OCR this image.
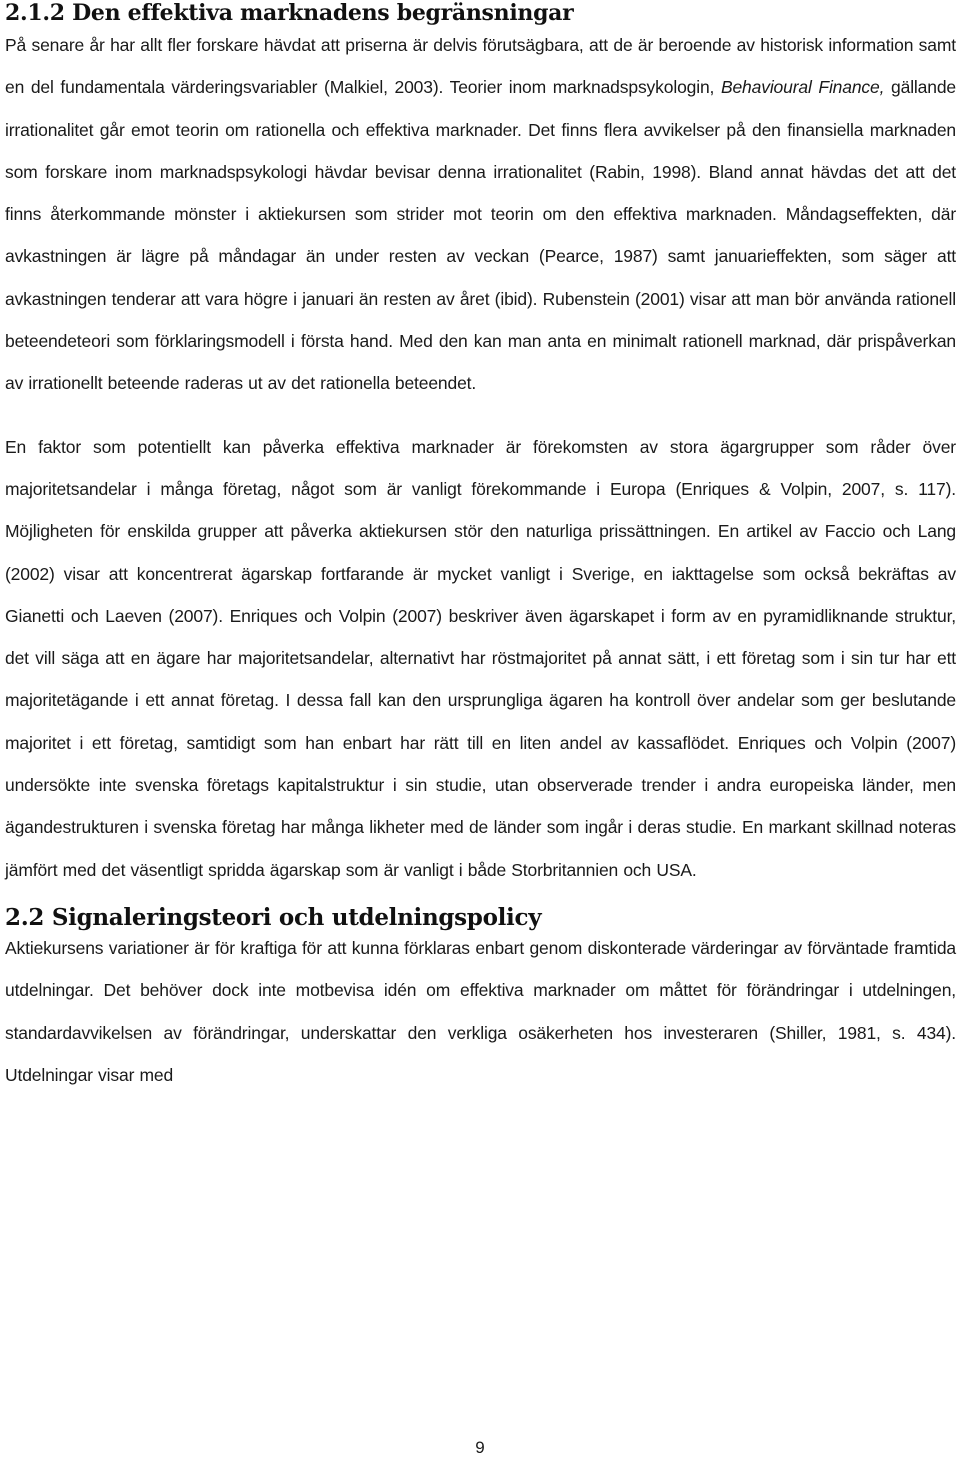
2.1.2 Den effektiva marknadens begränsningar

På senare år har allt fler forskare hävdat att priserna är delvis förutsägbara, att de är beroende av historisk information samt en del fundamentala värderingsvariabler (Malkiel, 2003). Teorier inom marknadspsykologin, Behavioural Finance, gällande irrationalitet går emot teorin om rationella och effektiva marknader. Det finns flera avvikelser på den finansiella marknaden som forskare inom marknadspsykologi hävdar bevisar denna irrationalitet (Rabin, 1998). Bland annat hävdas det att det finns återkommande mönster i aktiekursen som strider mot teorin om den effektiva marknaden. Måndagseffekten, där avkastningen är lägre på måndagar än under resten av veckan (Pearce, 1987) samt januarieffekten, som säger att avkastningen tenderar att vara högre i januari än resten av året (ibid). Rubenstein (2001) visar att man bör använda rationell beteendeteori som förklaringsmodell i första hand. Med den kan man anta en minimalt rationell marknad, där prispåverkan av irrationellt beteende raderas ut av det rationella beteendet.

En faktor som potentiellt kan påverka effektiva marknader är förekomsten av stora ägargrupper som råder över majoritetsandelar i många företag, något som är vanligt förekommande i Europa (Enriques & Volpin, 2007, s. 117). Möjligheten för enskilda grupper att påverka aktiekursen stör den naturliga prissättningen. En artikel av Faccio och Lang (2002) visar att koncentrerat ägarskap fortfarande är mycket vanligt i Sverige, en iakttagelse som också bekräftas av Gianetti och Laeven (2007). Enriques och Volpin (2007) beskriver även ägarskapet i form av en pyramidliknande struktur, det vill säga att en ägare har majoritetsandelar, alternativt har röstmajoritet på annat sätt, i ett företag som i sin tur har ett majoritetägande i ett annat företag. I dessa fall kan den ursprungliga ägaren ha kontroll över andelar som ger beslutande majoritet i ett företag, samtidigt som han enbart har rätt till en liten andel av kassaflödet. Enriques och Volpin (2007) undersökte inte svenska företags kapitalstruktur i sin studie, utan observerade trender i andra europeiska länder, men ägandestrukturen i svenska företag har många likheter med de länder som ingår i deras studie. En markant skillnad noteras jämfört med det väsentligt spridda ägarskap som är vanligt i både Storbritannien och USA.

2.2 Signaleringsteori och utdelningspolicy

Aktiekursens variationer är för kraftiga för att kunna förklaras enbart genom diskonterade värderingar av förväntade framtida utdelningar. Det behöver dock inte motbevisa idén om effektiva marknader om måttet för förändringar i utdelningen, standardavvikelsen av förändringar, underskattar den verkliga osäkerheten hos investeraren (Shiller, 1981, s. 434). Utdelningar visar med

9
